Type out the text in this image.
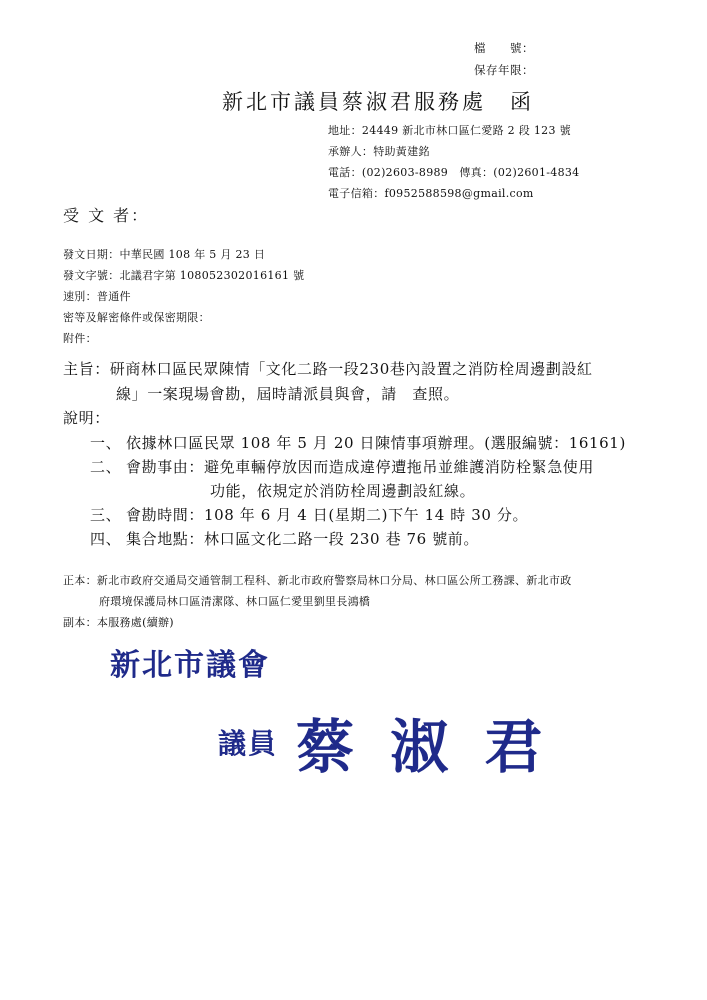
檔　　號：
保存年限：
新北市議員蔡淑君服務處　函
地址：24449 新北市林口區仁愛路 2 段 123 號
承辦人：特助黃建銘
電話：(02)2603-8989　傳真：(02)2601-4834
電子信箱：f0952588598@gmail.com
受 文 者：
發文日期：中華民國 108 年 5 月 23 日
發文字號：北議君字第 108052302016161 號
速別：普通件
密等及解密條件或保密期限：
附件：
主旨：研商林口區民眾陳情「文化二路一段230巷內設置之消防栓周邊劃設紅
線」一案現場會勘，屆時請派員與會，請　查照。
說明：
一、 依據林口區民眾 108 年 5 月 20 日陳情事項辦理。(選服編號：16161)
二、 會勘事由：避免車輛停放因而造成違停遭拖吊並維護消防栓緊急使用
功能，依規定於消防栓周邊劃設紅線。
三、 會勘時間：108 年 6 月 4 日(星期二)下午 14 時 30 分。
四、 集合地點：林口區文化二路一段 230 巷 76 號前。
正本：新北市政府交通局交通管制工程科、新北市政府警察局林口分局、林口區公所工務課、新北市政
府環境保護局林口區清潔隊、林口區仁愛里劉里長鴻橋
副本：本服務處(續辦)
新北市議會
議員 蔡 淑 君
